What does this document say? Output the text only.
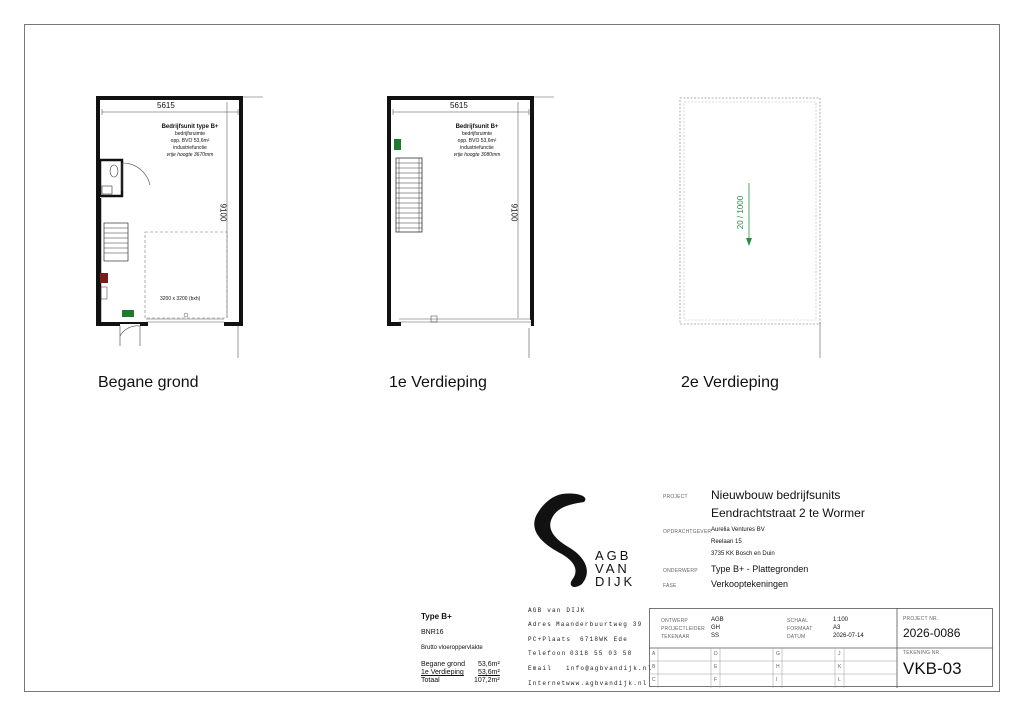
5615
9100
Bedrijfsunit type B+
bedrijfsruimte
opp. BVO 53,6m²
industriefunctie
vrije hoogte 3670mm
3200 x 3200 (bxh)
Begane grond
5615
9100
Bedrijfsunit B+
bedrijfsruimte
opp. BVO 53,6m²
industriefunctie
vrije hoogte 3080mm
1e Verdieping
20 / 1000
2e Verdieping
AGB
VAN
DIJK
PROJECT Nieuwbouw bedrijfsunits
Eendrachtstraat 2 te Wormer
OPDRACHTGEVER Aurelia Ventures BV
Reelaan 15
3735 KK Bosch en Duin
ONDERWERP Type B+ - Plattegronden
FASE	Verkooptekeningen
Type B+
BNR16
Brutto vloeroppervlakte
Begane grond 53,6m²
1e Verdieping 53,6m²
Totaal	107,2m²
AGB van DIJK
Adres Maanderbuurtweg 39
PC+Plaats 6718WK Ede
Telefoon 0318 55 03 58
Email info@agbvandijk.nl
Internet www.agbvandijk.nl
ONTWERP	AGB
PROJECTLEIDER GH
TEKENAAR	SS
SCHAAL	1:100
FORMAAT	A3
DATUM	2026-07-14
PROJECT NR.
2026-0086
TEKENING NR.
VKB-03
A
B
C
D
E
F
G
H
I
J
K
L
